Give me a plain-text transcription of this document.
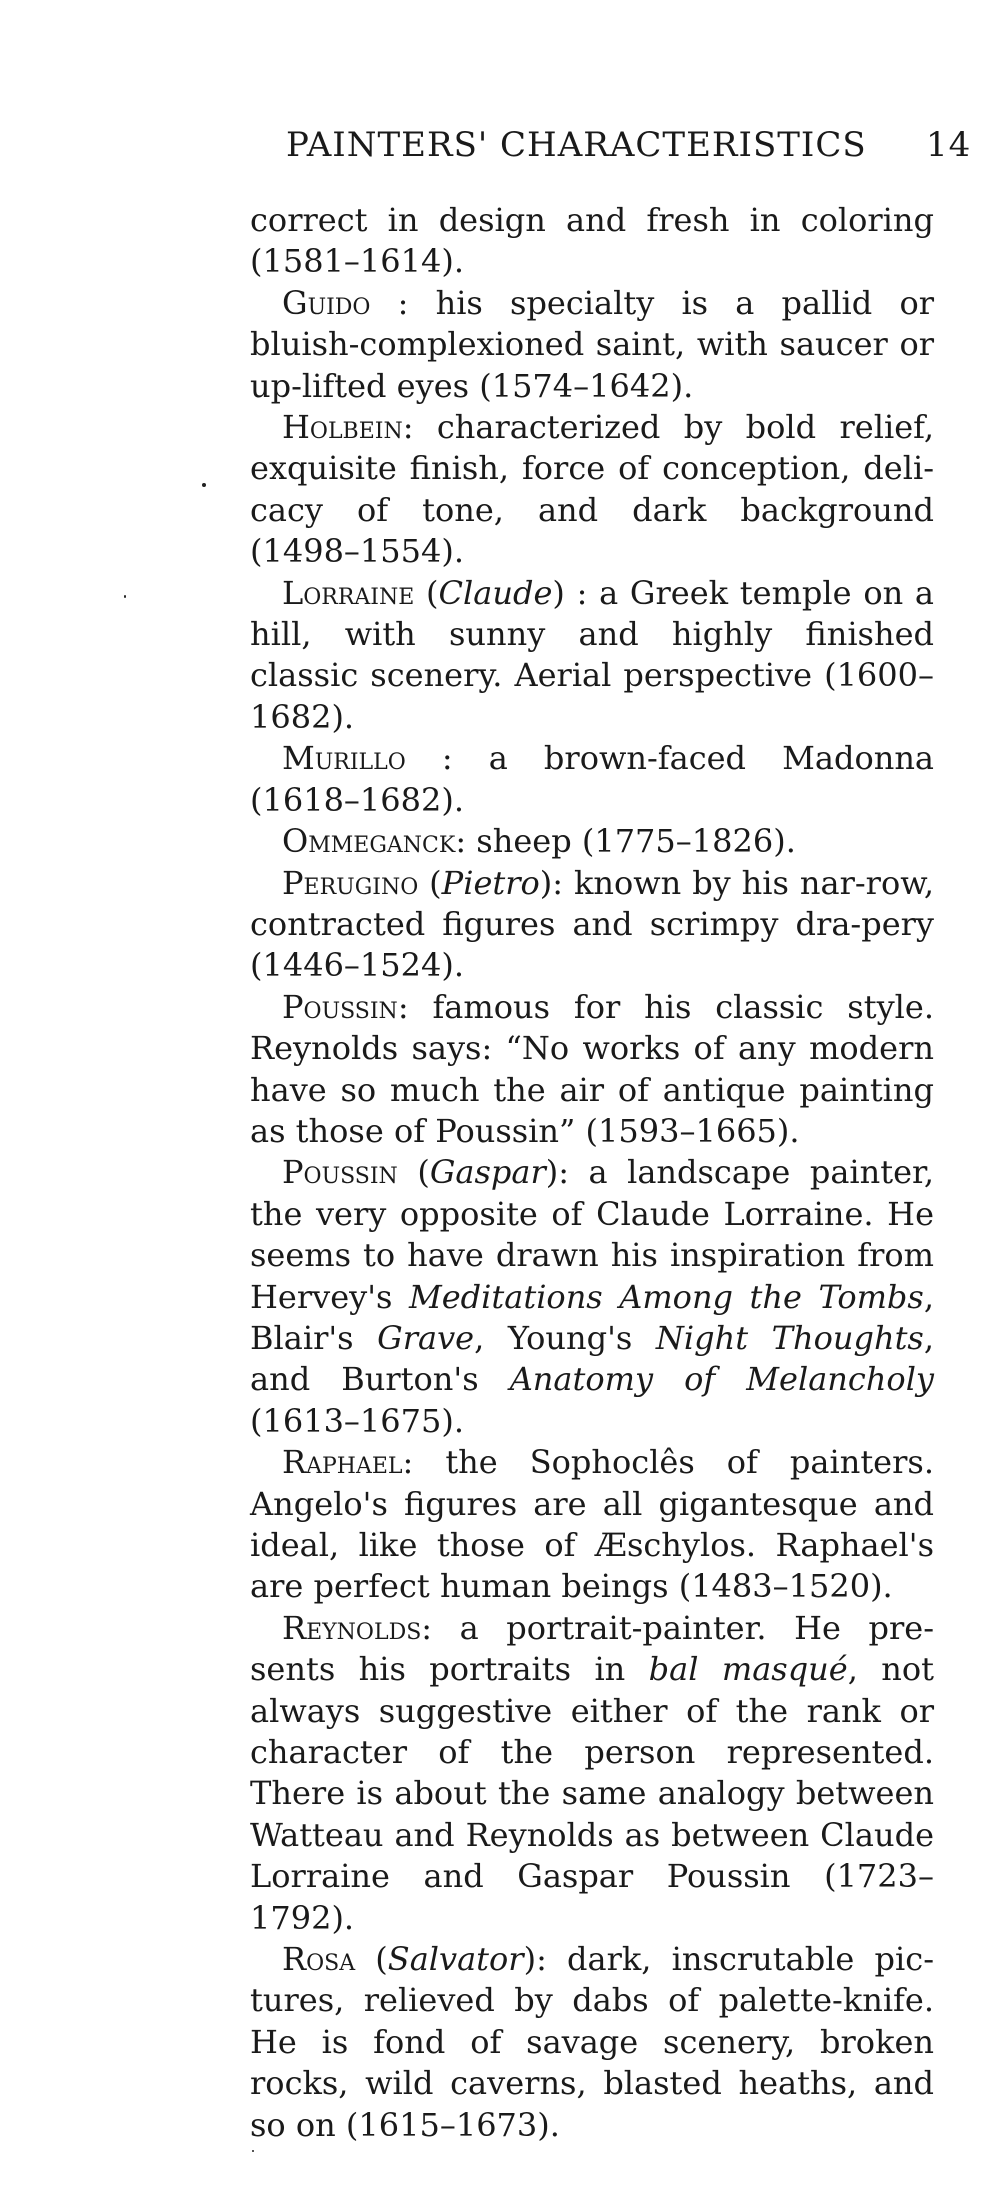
PAINTERS' CHARACTERISTICS 14

correct in design and fresh in coloring (1581–1614).

Guido : his specialty is a pallid or bluish-complexioned saint, with saucer or up-lifted eyes (1574–1642).

Holbein: characterized by bold relief, exquisite finish, force of conception, deli-cacy of tone, and dark background (1498–1554).

Lorraine (Claude) : a Greek temple on a hill, with sunny and highly finished classic scenery. Aerial perspective (1600–1682).

Murillo : a brown-faced Madonna (1618–1682).

Ommeganck: sheep (1775–1826).

Perugino (Pietro): known by his nar-row, contracted figures and scrimpy dra-pery (1446–1524).

Poussin: famous for his classic style. Reynolds says: “No works of any modern have so much the air of antique painting as those of Poussin” (1593–1665).

Poussin (Gaspar): a landscape painter, the very opposite of Claude Lorraine. He seems to have drawn his inspiration from Hervey's Meditations Among the Tombs, Blair's Grave, Young's Night Thoughts, and Burton's Anatomy of Melancholy (1613–1675).

Raphael: the Sophoclês of painters. Angelo's figures are all gigantesque and ideal, like those of Æschylos. Raphael's are perfect human beings (1483–1520).

Reynolds: a portrait-painter. He pre-sents his portraits in bal masqué, not always suggestive either of the rank or character of the person represented. There is about the same analogy between Watteau and Reynolds as between Claude Lorraine and Gaspar Poussin (1723–1792).

Rosa (Salvator): dark, inscrutable pic-tures, relieved by dabs of palette-knife. He is fond of savage scenery, broken rocks, wild caverns, blasted heaths, and so on (1615–1673).
